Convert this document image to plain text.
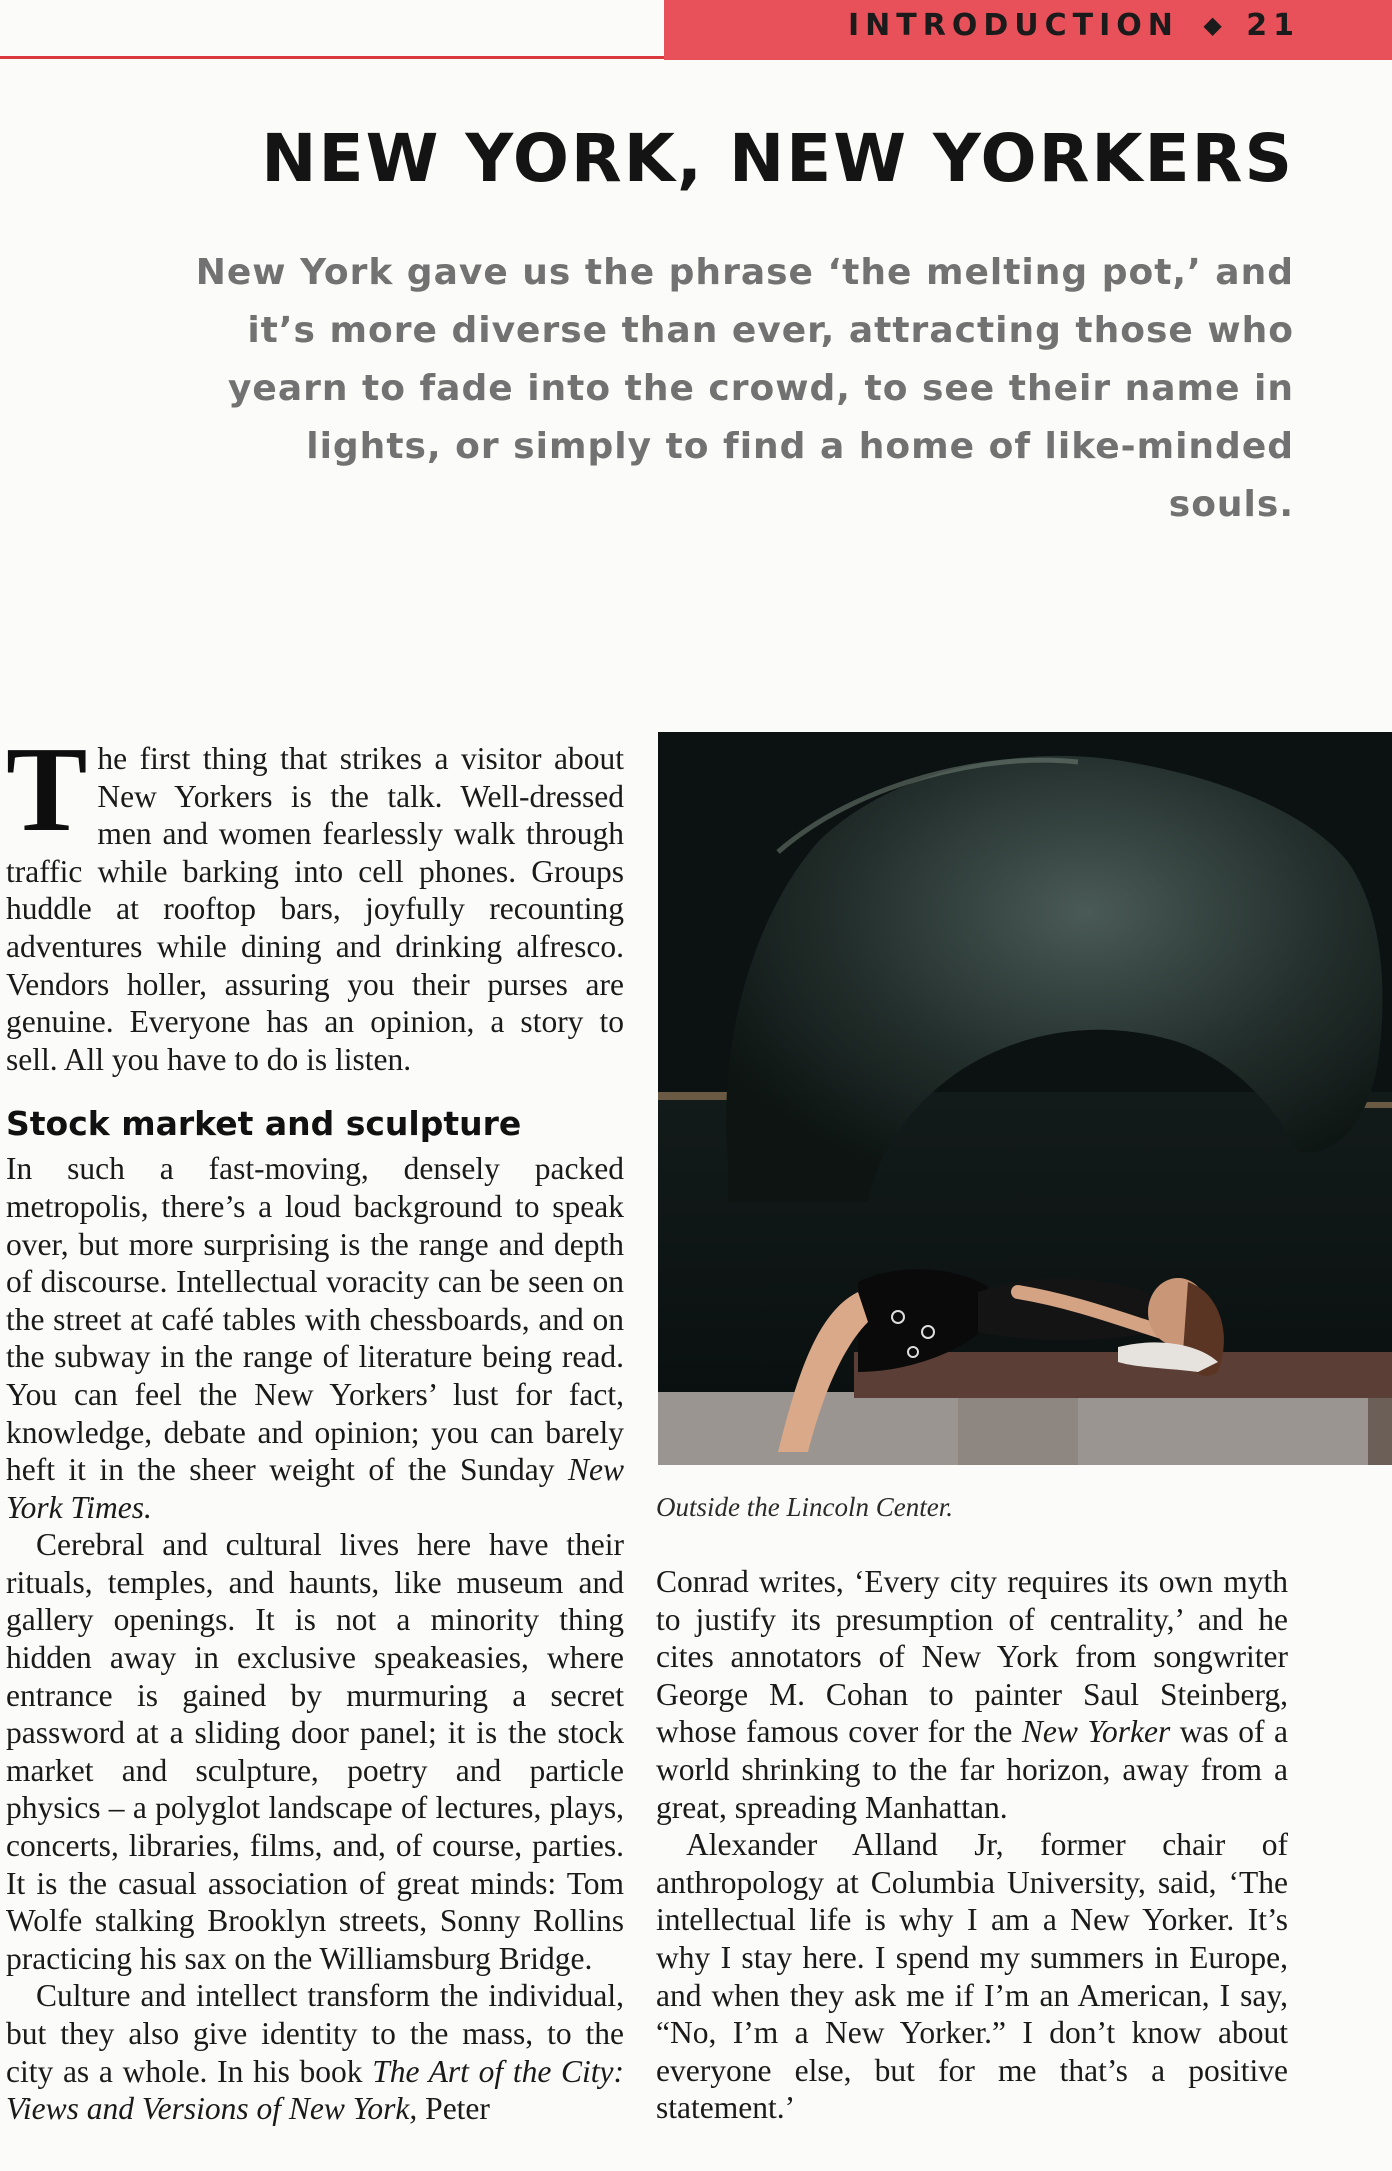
INTRODUCTION ◆ 21
NEW YORK, NEW YORKERS

New York gave us the phrase ‘the melting pot,’ and it’s more diverse than ever, attracting those who yearn to fade into the crowd, to see their name in lights, or simply to find a home of like-minded souls.

The first thing that strikes a visitor about New Yorkers is the talk. Well-dressed men and women fearlessly walk through traffic while barking into cell phones. Groups huddle at rooftop bars, joyfully recounting adventures while dining and drinking alfresco. Vendors holler, assuring you their purses are genuine. Everyone has an opinion, a story to sell. All you have to do is listen.

Stock market and sculpture

In such a fast-moving, densely packed metropolis, there’s a loud background to speak over, but more surprising is the range and depth of discourse. Intellectual voracity can be seen on the street at café tables with chessboards, and on the subway in the range of literature being read. You can feel the New Yorkers’ lust for fact, knowledge, debate and opinion; you can barely heft it in the sheer weight of the Sunday New York Times.

Cerebral and cultural lives here have their rituals, temples, and haunts, like museum and gallery openings. It is not a minority thing hidden away in exclusive speakeasies, where entrance is gained by murmuring a secret password at a sliding door panel; it is the stock market and sculpture, poetry and particle physics – a polyglot landscape of lectures, plays, concerts, libraries, films, and, of course, parties. It is the casual association of great minds: Tom Wolfe stalking Brooklyn streets, Sonny Rollins practicing his sax on the Williamsburg Bridge.

Culture and intellect transform the individual, but they also give identity to the mass, to the city as a whole. In his book The Art of the City: Views and Versions of New York, Peter

Outside the Lincoln Center.

Conrad writes, ‘Every city requires its own myth to justify its presumption of centrality,’ and he cites annotators of New York from songwriter George M. Cohan to painter Saul Steinberg, whose famous cover for the New Yorker was of a world shrinking to the far horizon, away from a great, spreading Manhattan.

Alexander Alland Jr, former chair of anthropology at Columbia University, said, ‘The intellectual life is why I am a New Yorker. It’s why I stay here. I spend my summers in Europe, and when they ask me if I’m an American, I say, “No, I’m a New Yorker.” I don’t know about everyone else, but for me that’s a positive statement.’
